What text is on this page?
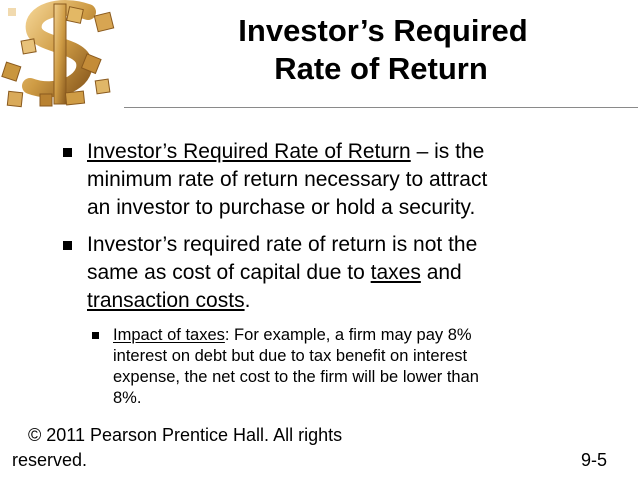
Investor’s Required
Rate of Return
Investor’s Required Rate of Return – is the
minimum rate of return necessary to attract
an investor to purchase or hold a security.
Investor’s required rate of return is not the
same as cost of capital due to taxes and
transaction costs.
Impact of taxes: For example, a firm may pay 8%
interest on debt but due to tax benefit on interest
expense, the net cost to the firm will be lower than
8%.
© 2011 Pearson Prentice Hall. All rights
reserved.	9-5
